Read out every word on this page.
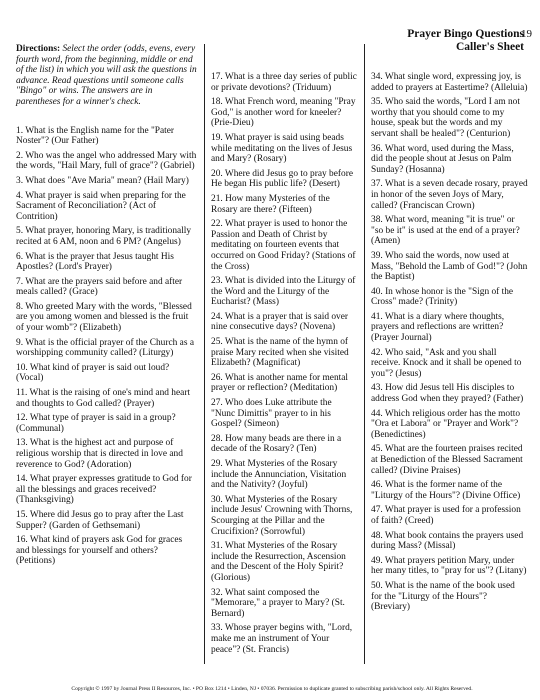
Prayer Bingo Questions
Caller's Sheet
19
Directions: Select the order (odds, evens, every fourth word, from the beginning, middle or end of the list) in which you will ask the questions in advance. Read questions until someone calls "Bingo" or wins. The answers are in parentheses for a winner's check.
1. What is the English name for the "Pater Noster"? (Our Father)
2. Who was the angel who addressed Mary with the words, "Hail Mary, full of grace"? (Gabriel)
3. What does "Ave Maria" mean? (Hail Mary)
4. What prayer is said when preparing for the Sacrament of Reconciliation? (Act of Contrition)
5. What prayer, honoring Mary, is traditionally recited at 6 AM, noon and 6 PM? (Angelus)
6. What is the prayer that Jesus taught His Apostles? (Lord's Prayer)
7. What are the prayers said before and after meals called? (Grace)
8. Who greeted Mary with the words, "Blessed are you among women and blessed is the fruit of your womb"? (Elizabeth)
9. What is the official prayer of the Church as a worshipping community called? (Liturgy)
10. What kind of prayer is said out loud? (Vocal)
11. What is the raising of one's mind and heart and thoughts to God called? (Prayer)
12. What type of prayer is said in a group? (Communal)
13. What is the highest act and purpose of religious worship that is directed in love and reverence to God? (Adoration)
14. What prayer expresses gratitude to God for all the blessings and graces received? (Thanksgiving)
15. Where did Jesus go to pray after the Last Supper? (Garden of Gethsemani)
16. What kind of prayers ask God for graces and blessings for yourself and others? (Petitions)
17. What is a three day series of public or private devotions? (Triduum)
18. What French word, meaning "Pray God," is another word for kneeler? (Prie-Dieu)
19. What prayer is said using beads while meditating on the lives of Jesus and Mary? (Rosary)
20. Where did Jesus go to pray before He began His public life? (Desert)
21. How many Mysteries of the Rosary are there? (Fifteen)
22. What prayer is used to honor the Passion and Death of Christ by meditating on fourteen events that occurred on Good Friday? (Stations of the Cross)
23. What is divided into the Liturgy of the Word and the Liturgy of the Eucharist? (Mass)
24. What is a prayer that is said over nine consecutive days? (Novena)
25. What is the name of the hymn of praise Mary recited when she visited Elizabeth? (Magnificat)
26. What is another name for mental prayer or reflection? (Meditation)
27. Who does Luke attribute the "Nunc Dimittis" prayer to in his Gospel? (Simeon)
28. How many beads are there in a decade of the Rosary? (Ten)
29. What Mysteries of the Rosary include the Annunciation, Visitation and the Nativity? (Joyful)
30. What Mysteries of the Rosary include Jesus' Crowning with Thorns, Scourging at the Pillar and the Crucifixion? (Sorrowful)
31. What Mysteries of the Rosary include the Resurrection, Ascension and the Descent of the Holy Spirit? (Glorious)
32. What saint composed the "Memorare," a prayer to Mary? (St. Bernard)
33. Whose prayer begins with, "Lord, make me an instrument of Your peace"? (St. Francis)
34. What single word, expressing joy, is added to prayers at Eastertime? (Alleluia)
35. Who said the words, "Lord I am not worthy that you should come to my house, speak but the words and my servant shall be healed"? (Centurion)
36. What word, used during the Mass, did the people shout at Jesus on Palm Sunday? (Hosanna)
37. What is a seven decade rosary, prayed in honor of the seven Joys of Mary, called? (Franciscan Crown)
38. What word, meaning "it is true" or "so be it" is used at the end of a prayer? (Amen)
39. Who said the words, now used at Mass, "Behold the Lamb of God!"? (John the Baptist)
40. In whose honor is the "Sign of the Cross" made? (Trinity)
41. What is a diary where thoughts, prayers and reflections are written? (Prayer Journal)
42. Who said, "Ask and you shall receive. Knock and it shall be opened to you"? (Jesus)
43. How did Jesus tell His disciples to address God when they prayed? (Father)
44. Which religious order has the motto "Ora et Labora" or "Prayer and Work"? (Benedictines)
45. What are the fourteen praises recited at Benediction of the Blessed Sacrament called? (Divine Praises)
46. What is the former name of the "Liturgy of the Hours"? (Divine Office)
47. What prayer is used for a profession of faith? (Creed)
48. What book contains the prayers used during Mass? (Missal)
49. What prayers petition Mary, under her many titles, to "pray for us"? (Litany)
50. What is the name of the book used for the "Liturgy of the Hours"? (Breviary)
Copyright © 1997 by Journal Press II Resources, Inc. • PO Box 1214 • Linden, NJ • 07036. Permission to duplicate granted to subscribing parish/school only. All Rights Reserved.
